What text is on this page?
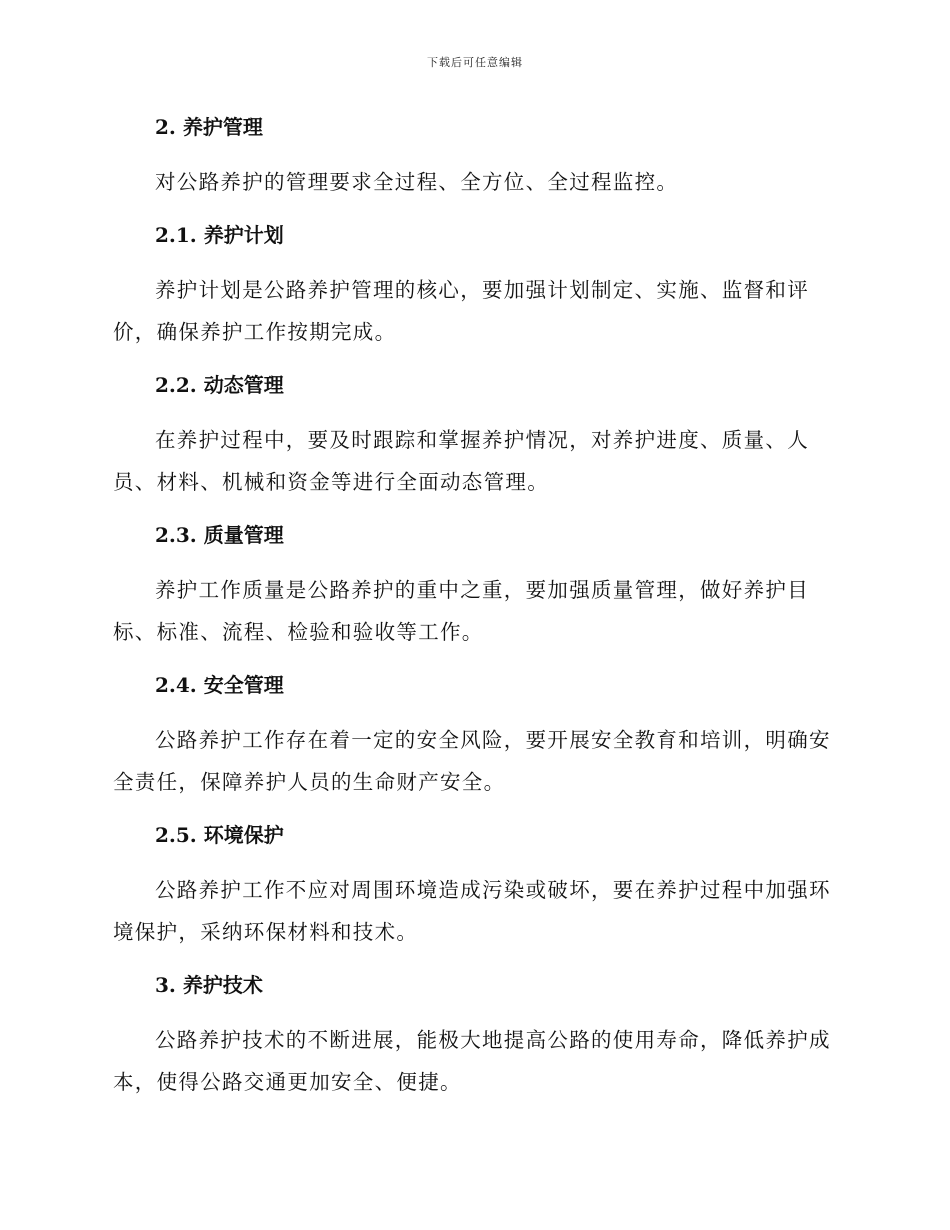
下载后可任意编辑
2. 养护管理

对公路养护的管理要求全过程、全方位、全过程监控。

2.1. 养护计划

养护计划是公路养护管理的核心，要加强计划制定、实施、监督和评价，确保养护工作按期完成。

2.2. 动态管理

在养护过程中，要及时跟踪和掌握养护情况，对养护进度、质量、人员、材料、机械和资金等进行全面动态管理。

2.3. 质量管理

养护工作质量是公路养护的重中之重，要加强质量管理，做好养护目标、标准、流程、检验和验收等工作。

2.4. 安全管理

公路养护工作存在着一定的安全风险，要开展安全教育和培训，明确安全责任，保障养护人员的生命财产安全。

2.5. 环境保护

公路养护工作不应对周围环境造成污染或破坏，要在养护过程中加强环境保护，采纳环保材料和技术。

3. 养护技术

公路养护技术的不断进展，能极大地提高公路的使用寿命，降低养护成本，使得公路交通更加安全、便捷。
